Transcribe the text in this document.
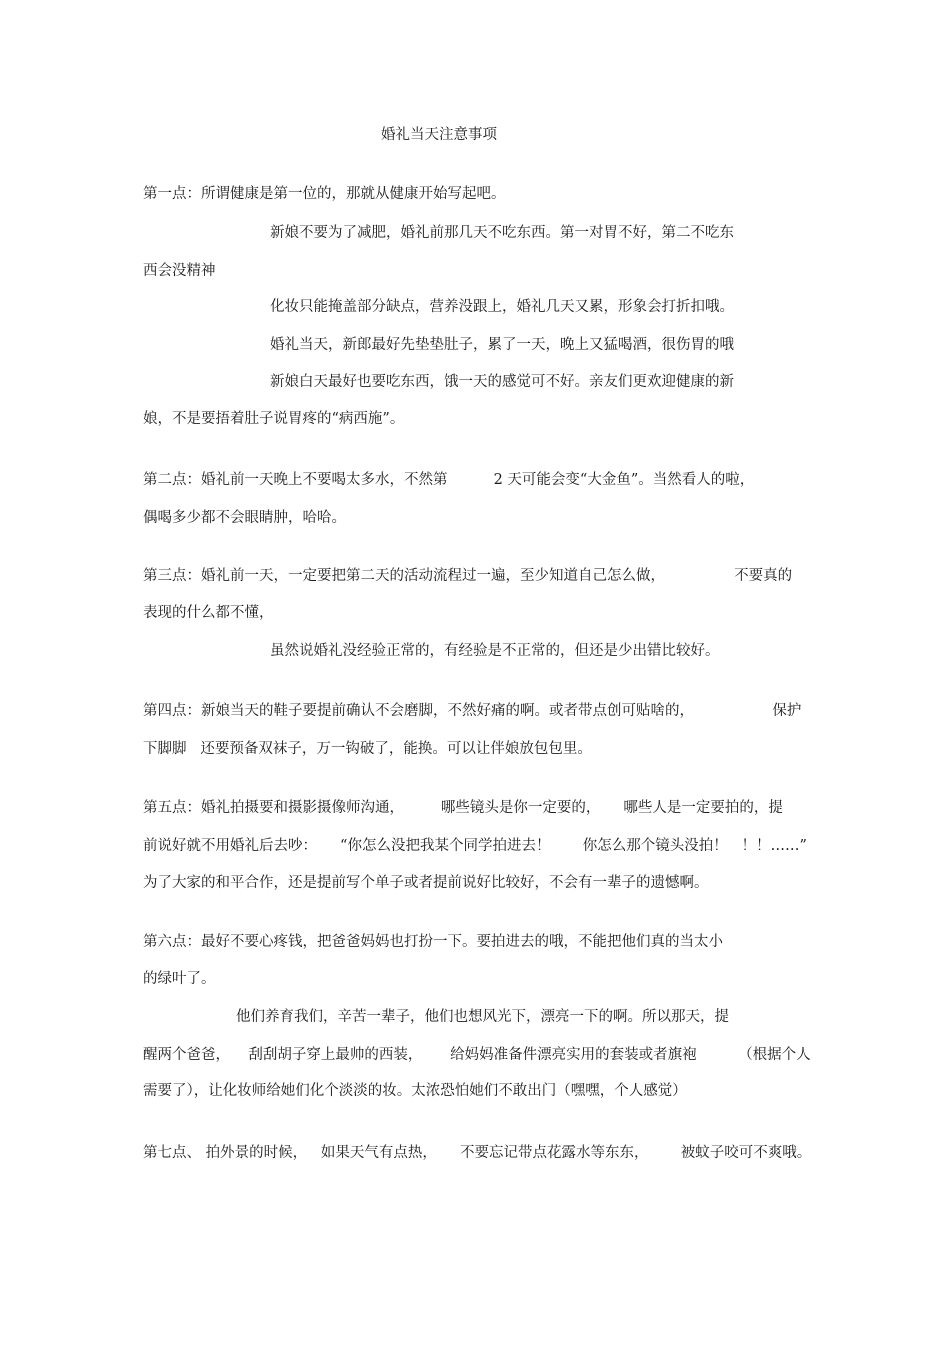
婚礼当天注意事项
第一点：所谓健康是第一位的，那就从健康开始写起吧。
新娘不要为了减肥，婚礼前那几天不吃东西。第一对胃不好，第二不吃东
西会没精神
化妆只能掩盖部分缺点，营养没跟上，婚礼几天又累，形象会打折扣哦。
婚礼当天，新郎最好先垫垫肚子，累了一天，晚上又猛喝酒，很伤胃的哦
新娘白天最好也要吃东西，饿一天的感觉可不好。亲友们更欢迎健康的新
娘，不是要捂着肚子说胃疼的“病西施”。
第二点：婚礼前一天晚上不要喝太多水，不然第          2 天可能会变“大金鱼”。当然看人的啦，
偶喝多少都不会眼睛肿，哈哈。
第三点：婚礼前一天，一定要把第二天的活动流程过一遍，至少知道自己怎么做，               不要真的
表现的什么都不懂，
虽然说婚礼没经验正常的，有经验是不正常的，但还是少出错比较好。
第四点：新娘当天的鞋子要提前确认不会磨脚，不然好痛的啊。或者带点创可贴啥的，                 保护
下脚脚   还要预备双袜子，万一钩破了，能换。可以让伴娘放包包里。
第五点：婚礼拍摄要和摄影摄像师沟通，        哪些镜头是你一定要的，     哪些人是一定要拍的，提
前说好就不用婚礼后去吵：     “你怎么没把我某个同学拍进去！       你怎么那个镜头没拍！   ！！……”
为了大家的和平合作，还是提前写个单子或者提前说好比较好，不会有一辈子的遗憾啊。
第六点：最好不要心疼钱，把爸爸妈妈也打扮一下。要拍进去的哦，不能把他们真的当太小
的绿叶了。
他们养育我们，辛苦一辈子，他们也想风光下，漂亮一下的啊。所以那天，提
醒两个爸爸，    刮刮胡子穿上最帅的西装，      给妈妈准备件漂亮实用的套装或者旗袍         （根据个人
需要了），让化妆师给她们化个淡淡的妆。太浓恐怕她们不敢出门（嘿嘿，个人感觉）
第七点、 拍外景的时候，   如果天气有点热，     不要忘记带点花露水等东东，       被蚊子咬可不爽哦。
